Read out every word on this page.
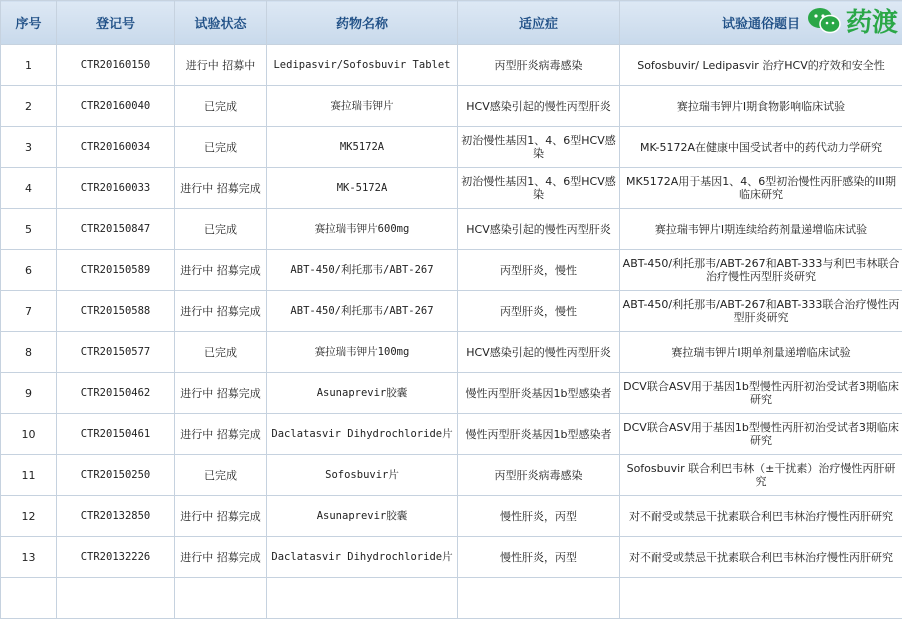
序号	登记号	试验状态	药物名称	适应症	试验通俗题目
1	CTR20160150	进行中 招募中	Ledipasvir/Sofosbuvir Tablet	丙型肝炎病毒感染	Sofosbuvir/ Ledipasvir 治疗HCV的疗效和安全性
2	CTR20160040	已完成	赛拉瑞韦钾片	HCV感染引起的慢性丙型肝炎	赛拉瑞韦钾片I期食物影响临床试验
3	CTR20160034	已完成	MK5172A	初治慢性基因1、4、6型HCV感染	MK-5172A在健康中国受试者中的药代动力学研究
4	CTR20160033	进行中 招募完成	MK-5172A	初治慢性基因1、4、6型HCV感染	MK5172A用于基因1、4、6型初治慢性丙肝感染的III期临床研究
5	CTR20150847	已完成	赛拉瑞韦钾片600mg	HCV感染引起的慢性丙型肝炎	赛拉瑞韦钾片I期连续给药剂量递增临床试验
6	CTR20150589	进行中 招募完成	ABT-450/利托那韦/ABT-267	丙型肝炎，慢性	ABT-450/利托那韦/ABT-267和ABT-333与利巴韦林联合治疗慢性丙型肝炎研究
7	CTR20150588	进行中 招募完成	ABT-450/利托那韦/ABT-267	丙型肝炎，慢性	ABT-450/利托那韦/ABT-267和ABT-333联合治疗慢性丙型肝炎研究
8	CTR20150577	已完成	赛拉瑞韦钾片100mg	HCV感染引起的慢性丙型肝炎	赛拉瑞韦钾片I期单剂量递增临床试验
9	CTR20150462	进行中 招募完成	Asunaprevir胶囊	慢性丙型肝炎基因1b型感染者	DCV联合ASV用于基因1b型慢性丙肝初治受试者3期临床研究
10	CTR20150461	进行中 招募完成	Daclatasvir Dihydrochloride片	慢性丙型肝炎基因1b型感染者	DCV联合ASV用于基因1b型慢性丙肝初治受试者3期临床研究
11	CTR20150250	已完成	Sofosbuvir片	丙型肝炎病毒感染	Sofosbuvir 联合利巴韦林（±干扰素）治疗慢性丙肝研究
12	CTR20132850	进行中 招募完成	Asunaprevir胶囊	慢性肝炎，丙型	对不耐受或禁忌干扰素联合利巴韦林治疗慢性丙肝研究
13	CTR20132226	进行中 招募完成	Daclatasvir Dihydrochloride片	慢性肝炎，丙型	对不耐受或禁忌干扰素联合利巴韦林治疗慢性丙肝研究

药渡
